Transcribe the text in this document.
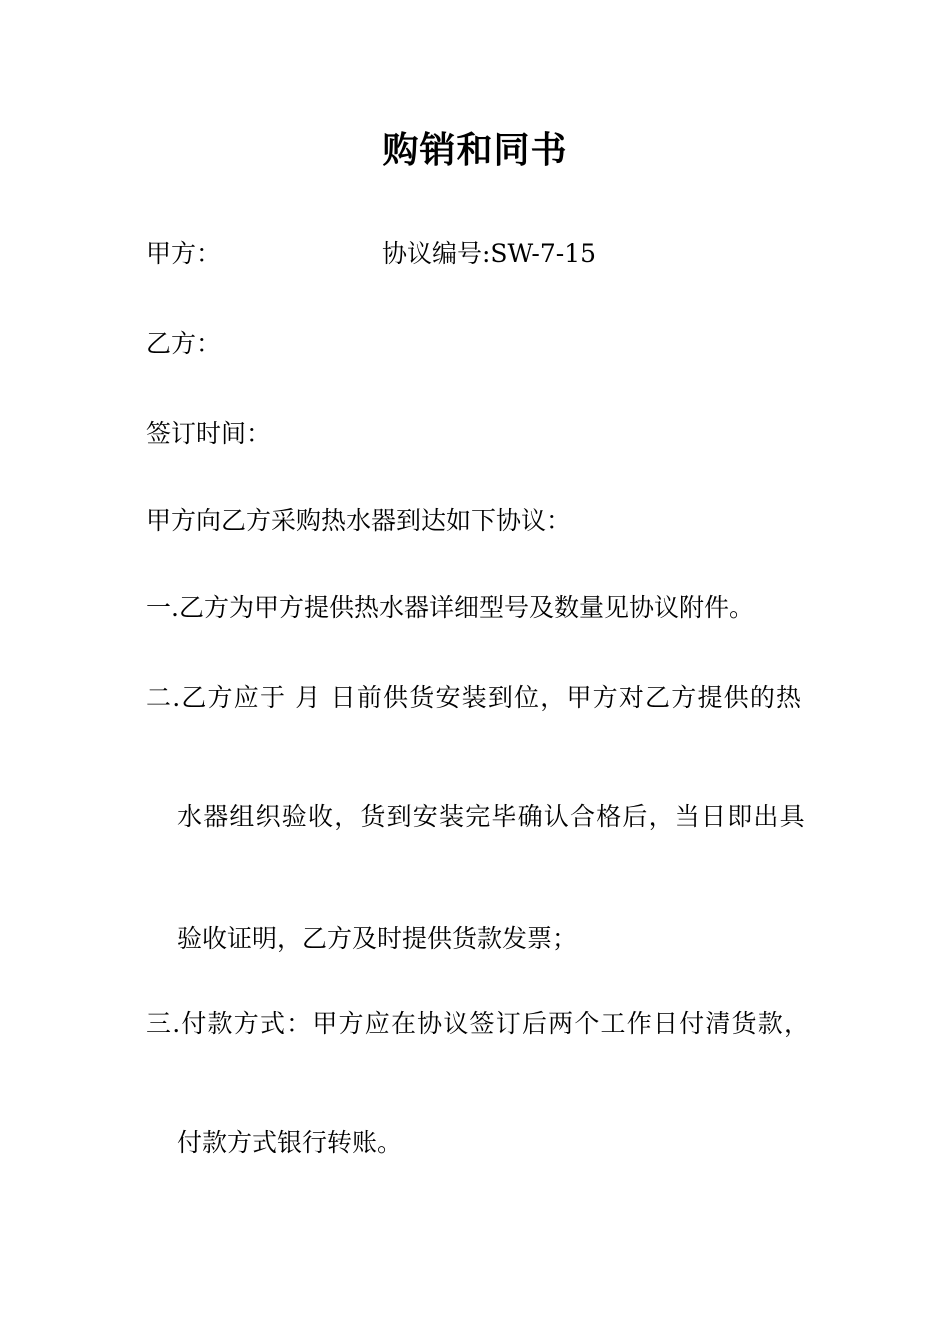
购销和同书
甲方：	协议编号:SW-7-15
乙方：
签订时间：
甲方向乙方采购热水器到达如下协议：
一.乙方为甲方提供热水器详细型号及数量见协议附件。
二.乙方应于 月 日前供货安装到位，甲方对乙方提供的热
水器组织验收，货到安装完毕确认合格后，当日即出具
验收证明，乙方及时提供货款发票；
三.付款方式：甲方应在协议签订后两个工作日付清货款，
付款方式银行转账。
